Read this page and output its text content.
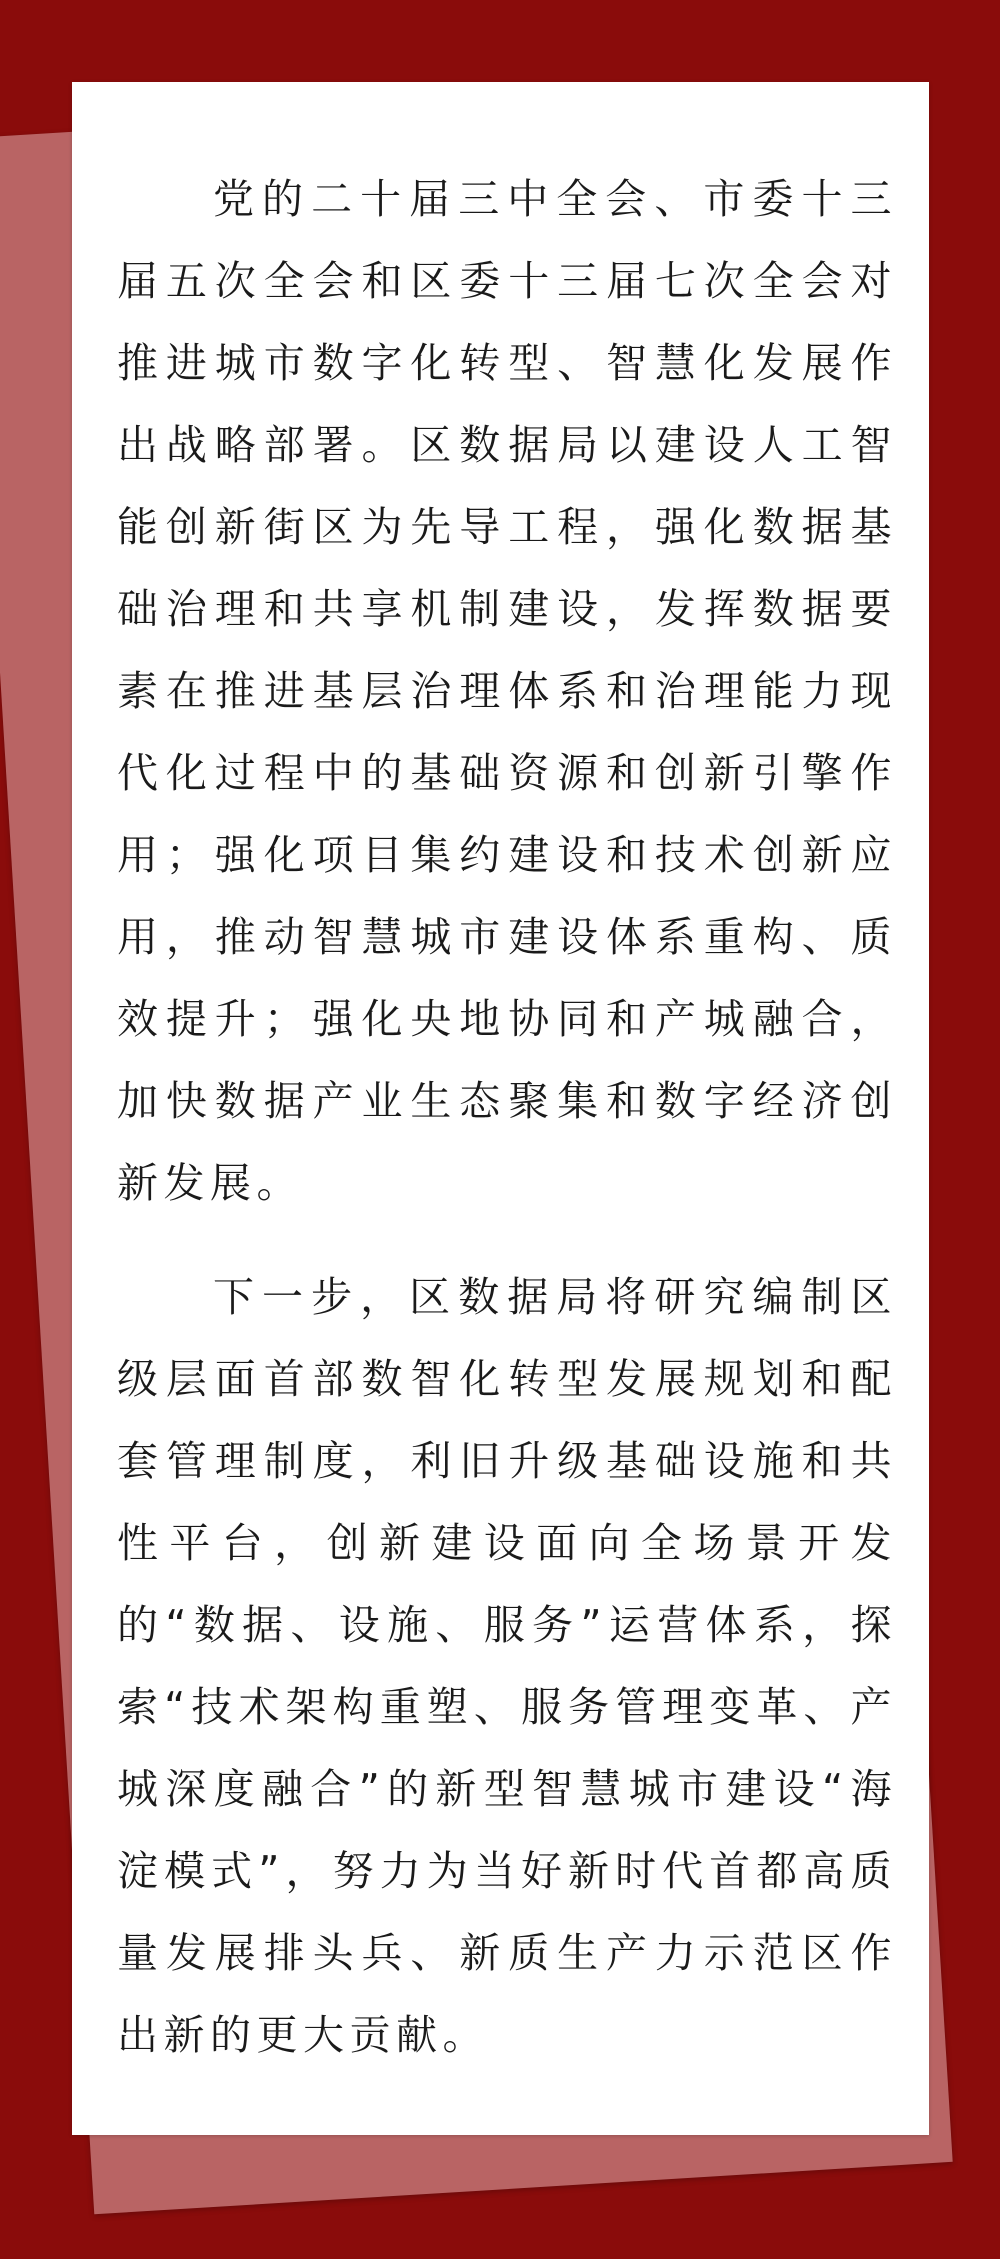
党的二十届三中全会、市委十三届五次全会和区委十三届七次全会对推进城市数字化转型、智慧化发展作出战略部署。区数据局以建设人工智能创新街区为先导工程，强化数据基础治理和共享机制建设，发挥数据要素在推进基层治理体系和治理能力现代化过程中的基础资源和创新引擎作用；强化项目集约建设和技术创新应用，推动智慧城市建设体系重构、质效提升；强化央地协同和产城融合，加快数据产业生态聚集和数字经济创新发展。

下一步，区数据局将研究编制区级层面首部数智化转型发展规划和配套管理制度，利旧升级基础设施和共性平台，创新建设面向全场景开发的“数据、设施、服务”运营体系，探索“技术架构重塑、服务管理变革、产城深度融合”的新型智慧城市建设“海淀模式”，努力为当好新时代首都高质量发展排头兵、新质生产力示范区作出新的更大贡献。
